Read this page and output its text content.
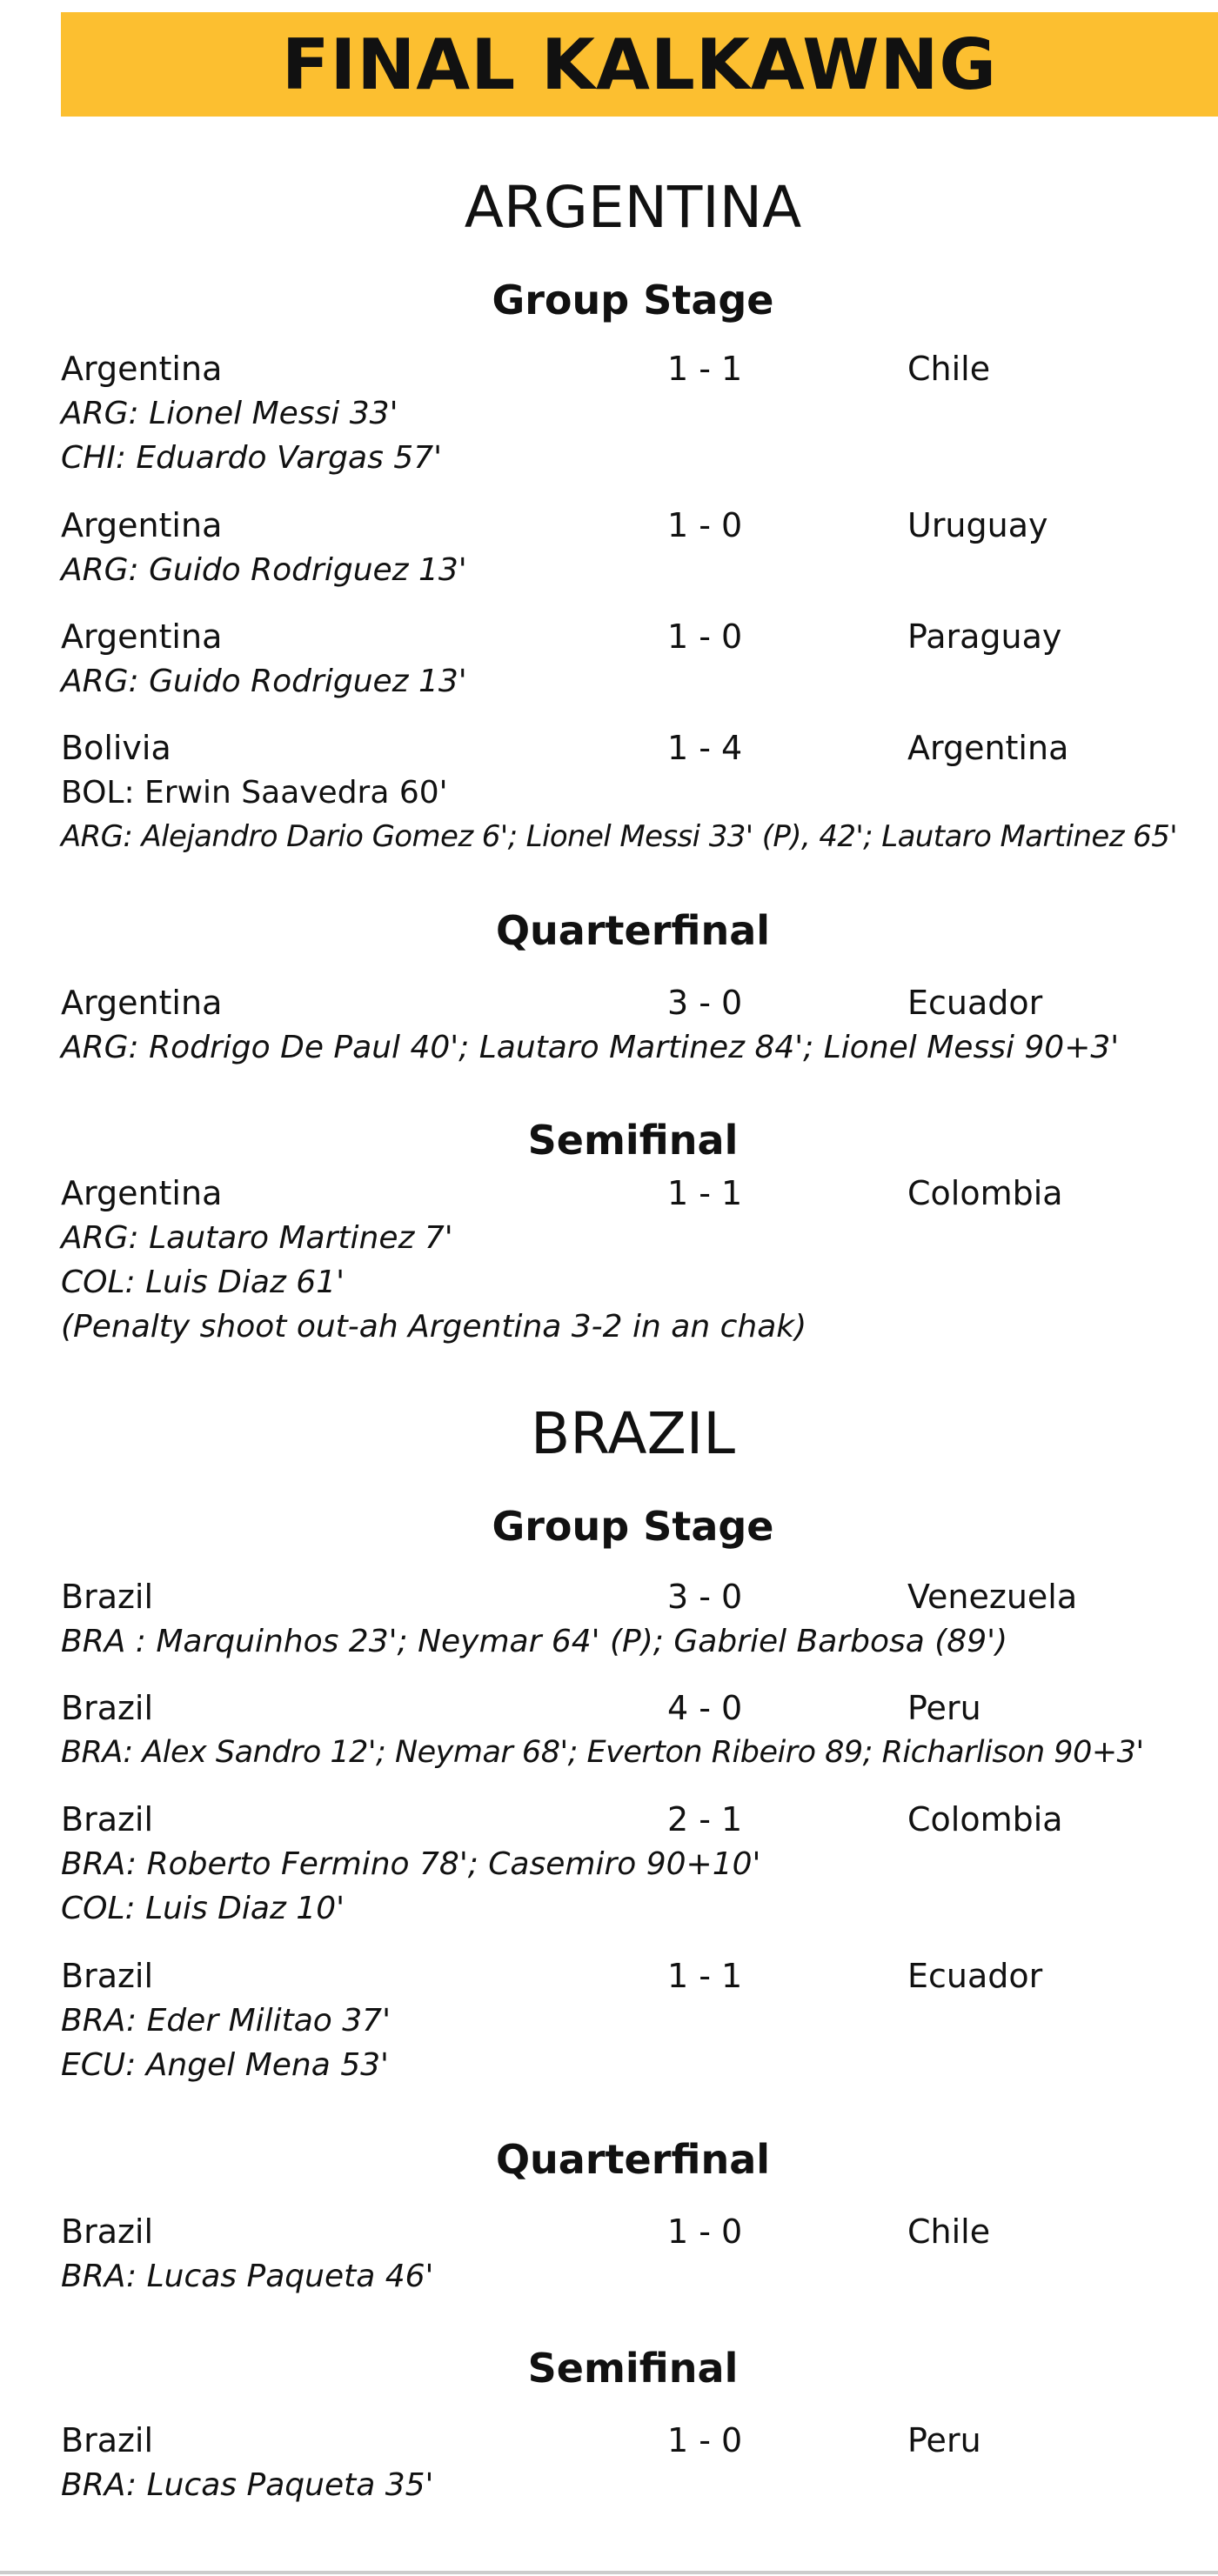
FINAL KALKAWNG
ARGENTINA
Group Stage
Argentina	1 - 1	Chile
ARG: Lionel Messi 33'
CHI: Eduardo Vargas 57'
Argentina	1 - 0	Uruguay
ARG: Guido Rodriguez 13'
Argentina	1 - 0	Paraguay
ARG: Guido Rodriguez 13'
Bolivia	1 - 4	Argentina
BOL: Erwin Saavedra 60'
ARG: Alejandro Dario Gomez 6'; Lionel Messi 33' (P), 42'; Lautaro Martinez 65'
Quarterfinal
Argentina	3 - 0	Ecuador
ARG: Rodrigo De Paul 40'; Lautaro Martinez 84'; Lionel Messi 90+3'
Semifinal
Argentina	1 - 1	Colombia
ARG: Lautaro Martinez 7'
COL: Luis Diaz 61'
(Penalty shoot out-ah Argentina 3-2 in an chak)
BRAZIL
Group Stage
Brazil	3 - 0	Venezuela
BRA : Marquinhos 23'; Neymar 64' (P); Gabriel Barbosa (89')
Brazil	4 - 0	Peru
BRA: Alex Sandro 12'; Neymar 68'; Everton Ribeiro 89; Richarlison 90+3'
Brazil	2 - 1	Colombia
BRA: Roberto Fermino 78'; Casemiro 90+10'
COL: Luis Diaz 10'
Brazil	1 - 1	Ecuador
BRA: Eder Militao 37'
ECU: Angel Mena 53'
Quarterfinal
Brazil	1 - 0	Chile
BRA: Lucas Paqueta 46'
Semifinal
Brazil	1 - 0	Peru
BRA: Lucas Paqueta 35'
